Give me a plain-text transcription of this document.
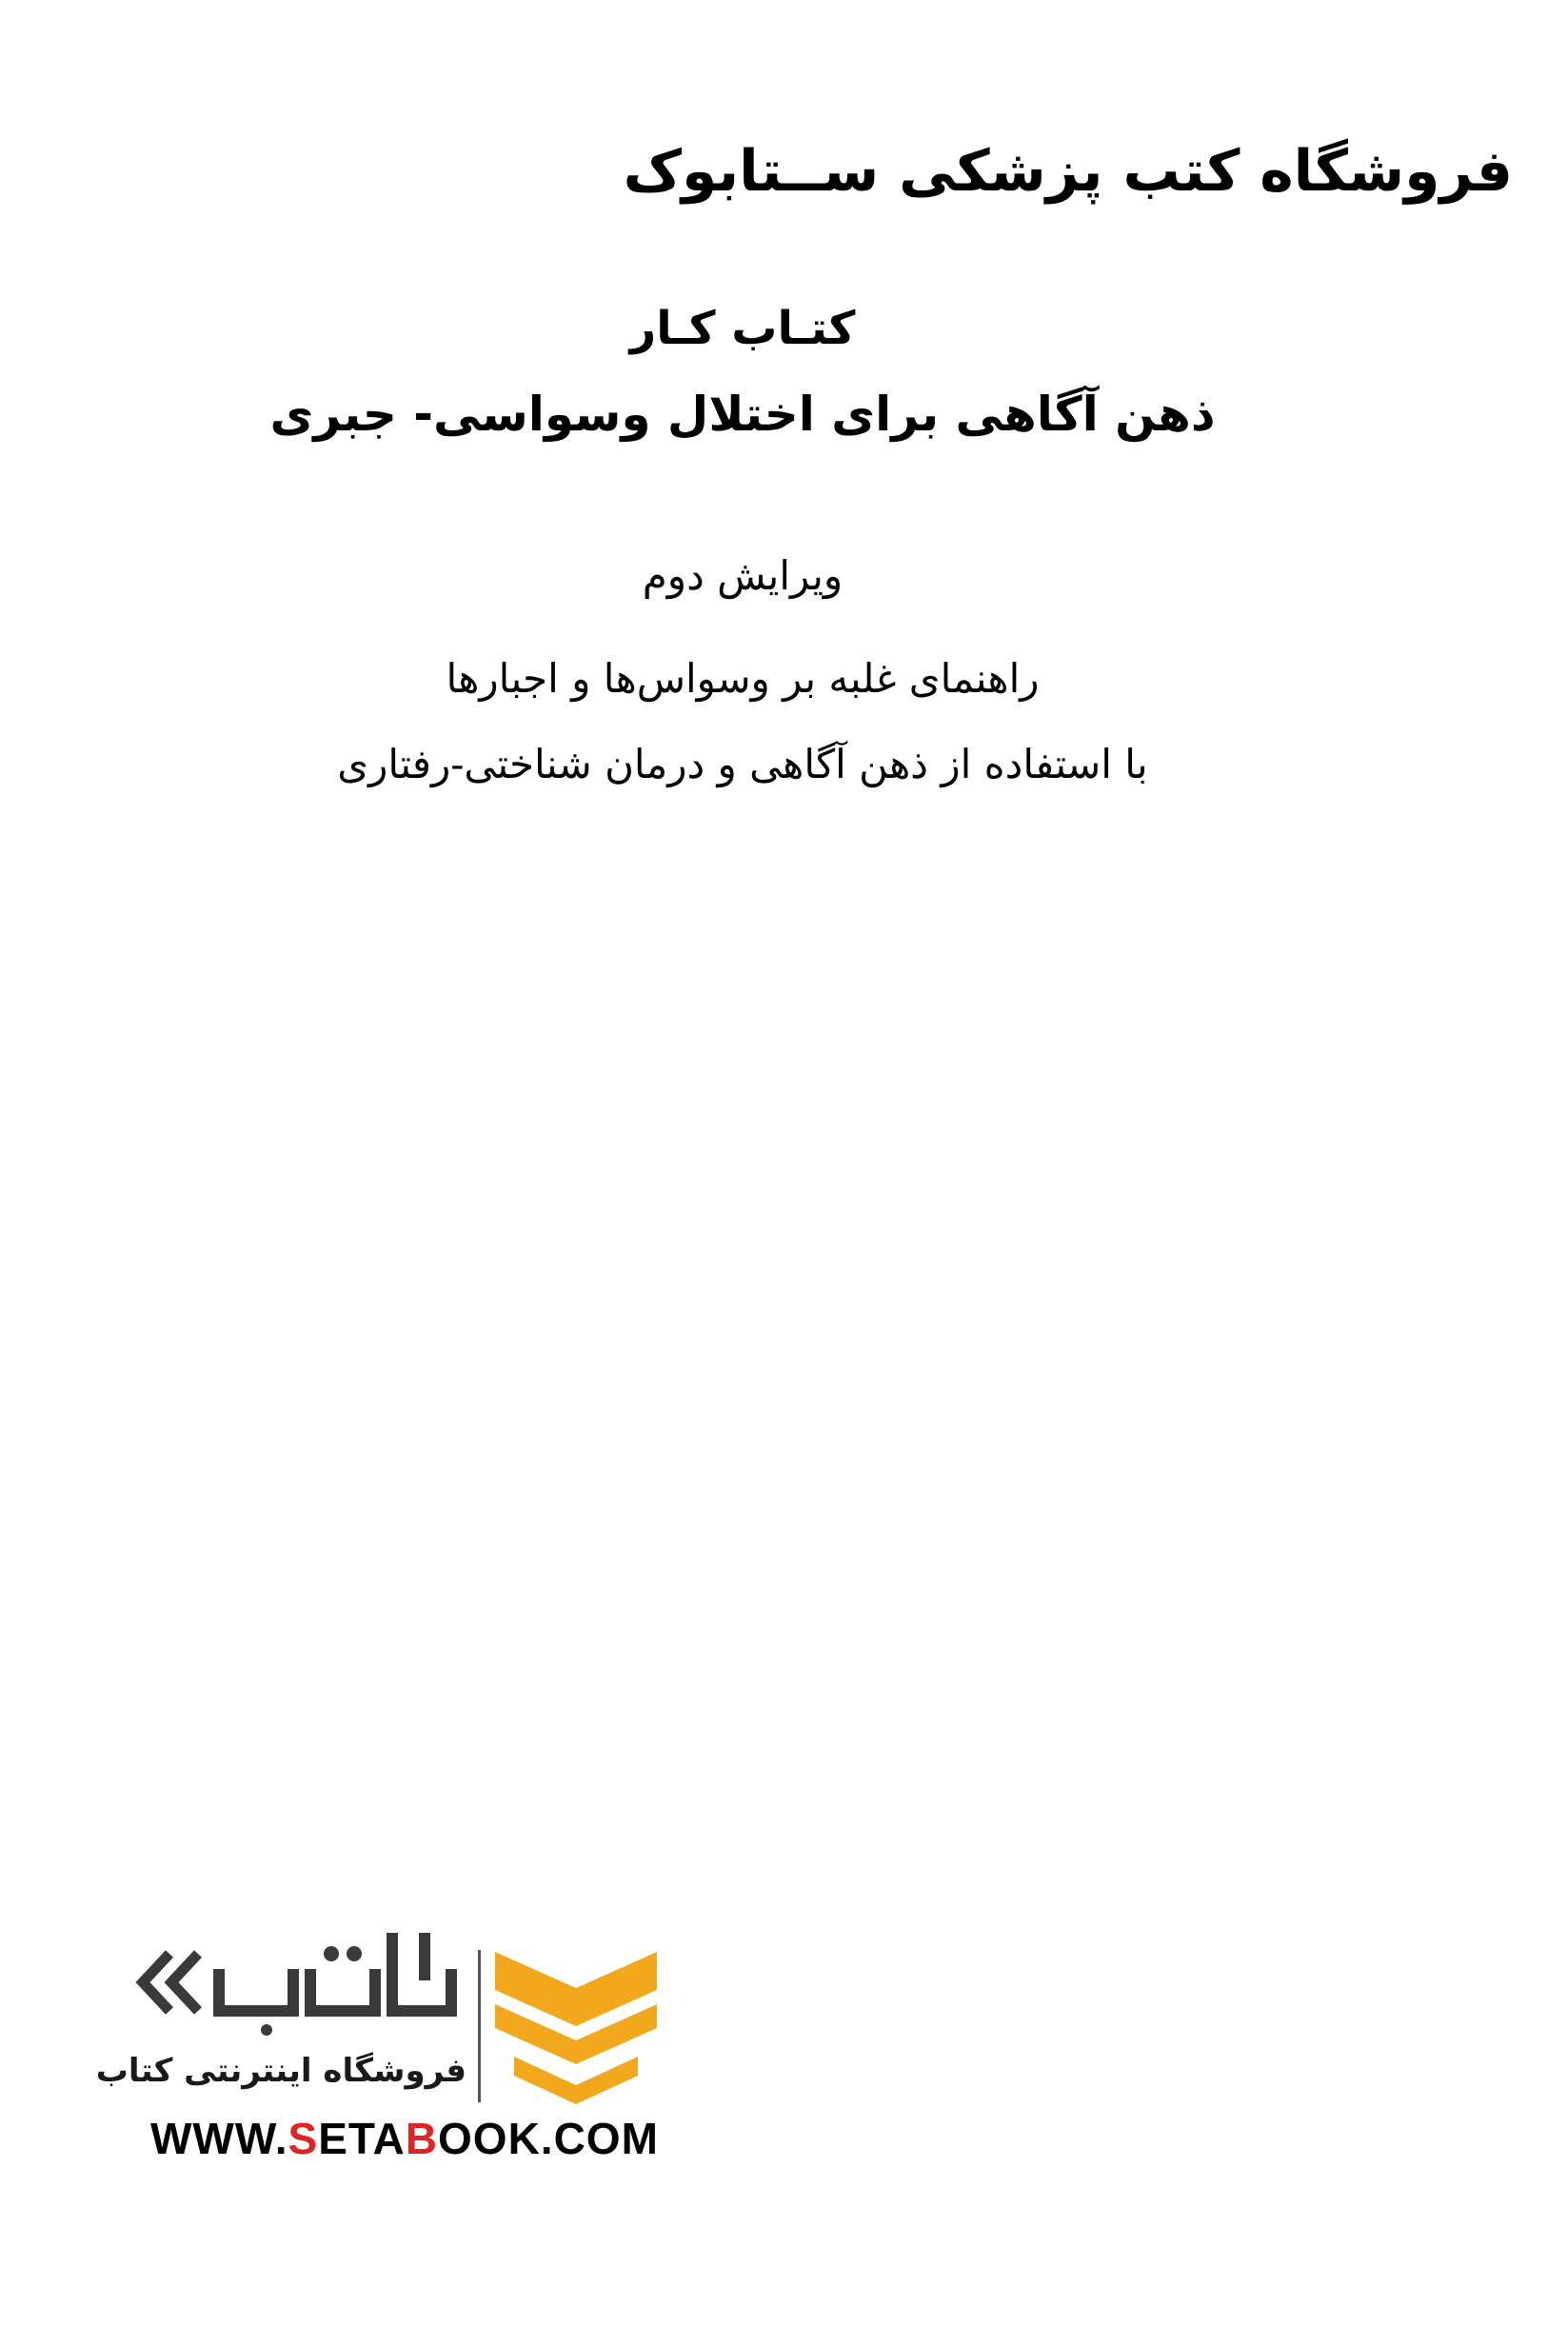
فروشگاه کتب پزشکی ســتابوک
کتـاب کـار
ذهن آگاهی برای اختلال وسواسی- جبری
ویرایش دوم
راهنمای غلبه بر وسواس‌ها و اجبارها
با استفاده از ذهن آگاهی و درمان شناختی-رفتاری
فروشگاه اینترنتی کتاب
WWW.SETABOOK.COM
